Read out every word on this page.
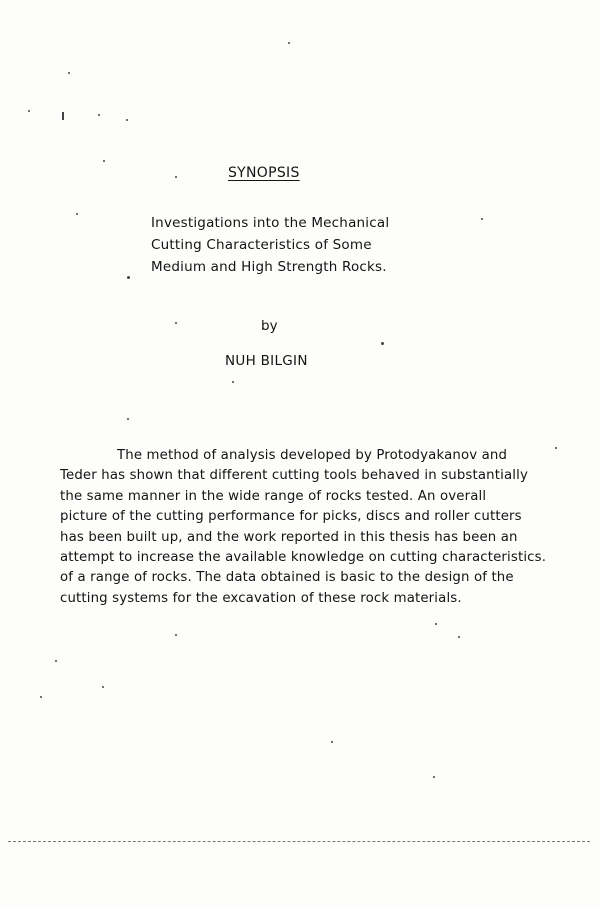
SYNOPSIS
Investigations into the Mechanical
Cutting Characteristics of Some
Medium and High Strength Rocks.
by
NUH BILGIN
The method of analysis developed by Protodyakanov and
Teder has shown that different cutting tools behaved in substantially
the same manner in the wide range of rocks tested. An overall
picture of the cutting performance for picks, discs and roller cutters
has been built up, and the work reported in this thesis has been an
attempt to increase the available knowledge on cutting characteristics.
of a range of rocks. The data obtained is basic to the design of the
cutting systems for the excavation of these rock materials.
